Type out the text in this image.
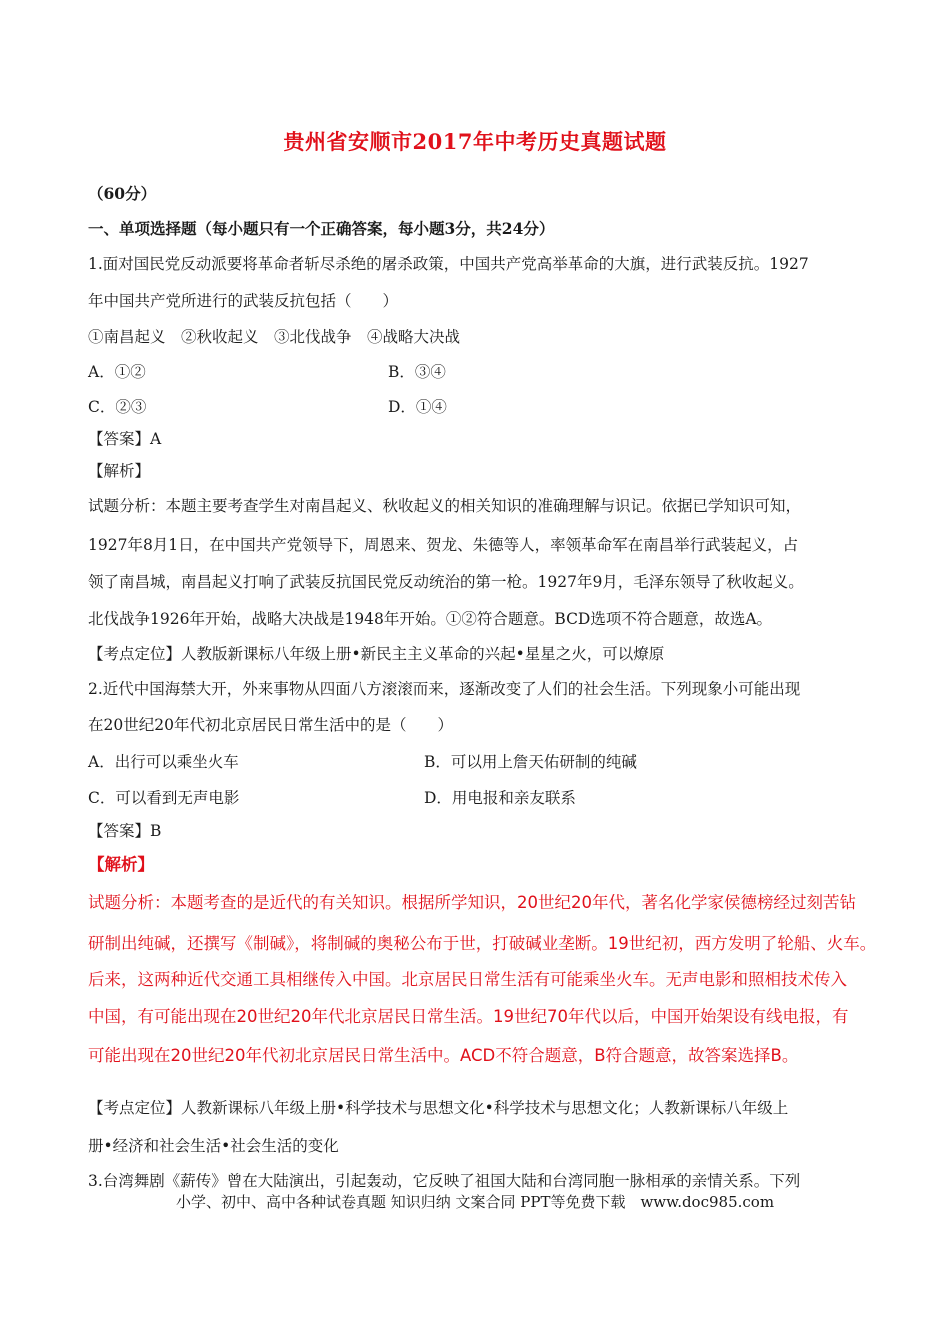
贵州省安顺市2017年中考历史真题试题
（60分）
一、单项选择题（每小题只有一个正确答案，每小题3分，共24分）
1.面对国民党反动派要将革命者斩尽杀绝的屠杀政策，中国共产党高举革命的大旗，进行武装反抗。1927
年中国共产党所进行的武装反抗包括（　　）
①南昌起义　②秋收起义　③北伐战争　④战略大决战
A．①②	B．③④
C．②③	D．①④
【答案】A
【解析】
试题分析：本题主要考查学生对南昌起义、秋收起义的相关知识的准确理解与识记。依据已学知识可知，
1927年8月1日，在中国共产党领导下，周恩来、贺龙、朱德等人，率领革命军在南昌举行武装起义，占
领了南昌城，南昌起义打响了武装反抗国民党反动统治的第一枪。1927年9月，毛泽东领导了秋收起义。
北伐战争1926年开始，战略大决战是1948年开始。①②符合题意。BCD选项不符合题意，故选A。
【考点定位】人教版新课标八年级上册•新民主主义革命的兴起•星星之火，可以燎原
2.近代中国海禁大开，外来事物从四面八方滚滚而来，逐渐改变了人们的社会生活。下列现象小可能出现
在20世纪20年代初北京居民日常生活中的是（　　）
A．出行可以乘坐火车	B．可以用上詹天佑研制的纯碱
C．可以看到无声电影	D．用电报和亲友联系
【答案】B
【解析】
试题分析：本题考查的是近代的有关知识。根据所学知识，20世纪20年代，著名化学家侯德榜经过刻苦钻
研制出纯碱，还撰写《制碱》，将制碱的奥秘公布于世，打破碱业垄断。19世纪初，西方发明了轮船、火车。
后来，这两种近代交通工具相继传入中国。北京居民日常生活有可能乘坐火车。无声电影和照相技术传入
中国，有可能出现在20世纪20年代北京居民日常生活。19世纪70年代以后，中国开始架设有线电报，有
可能出现在20世纪20年代初北京居民日常生活中。ACD不符合题意，B符合题意，故答案选择B。
【考点定位】人教新课标八年级上册•科学技术与思想文化•科学技术与思想文化；人教新课标八年级上
册•经济和社会生活•社会生活的变化
3.台湾舞剧《薪传》曾在大陆演出，引起轰动，它反映了祖国大陆和台湾同胞一脉相承的亲情关系。下列
小学、初中、高中各种试卷真题 知识归纳 文案合同 PPT等免费下载　www.doc985.com
